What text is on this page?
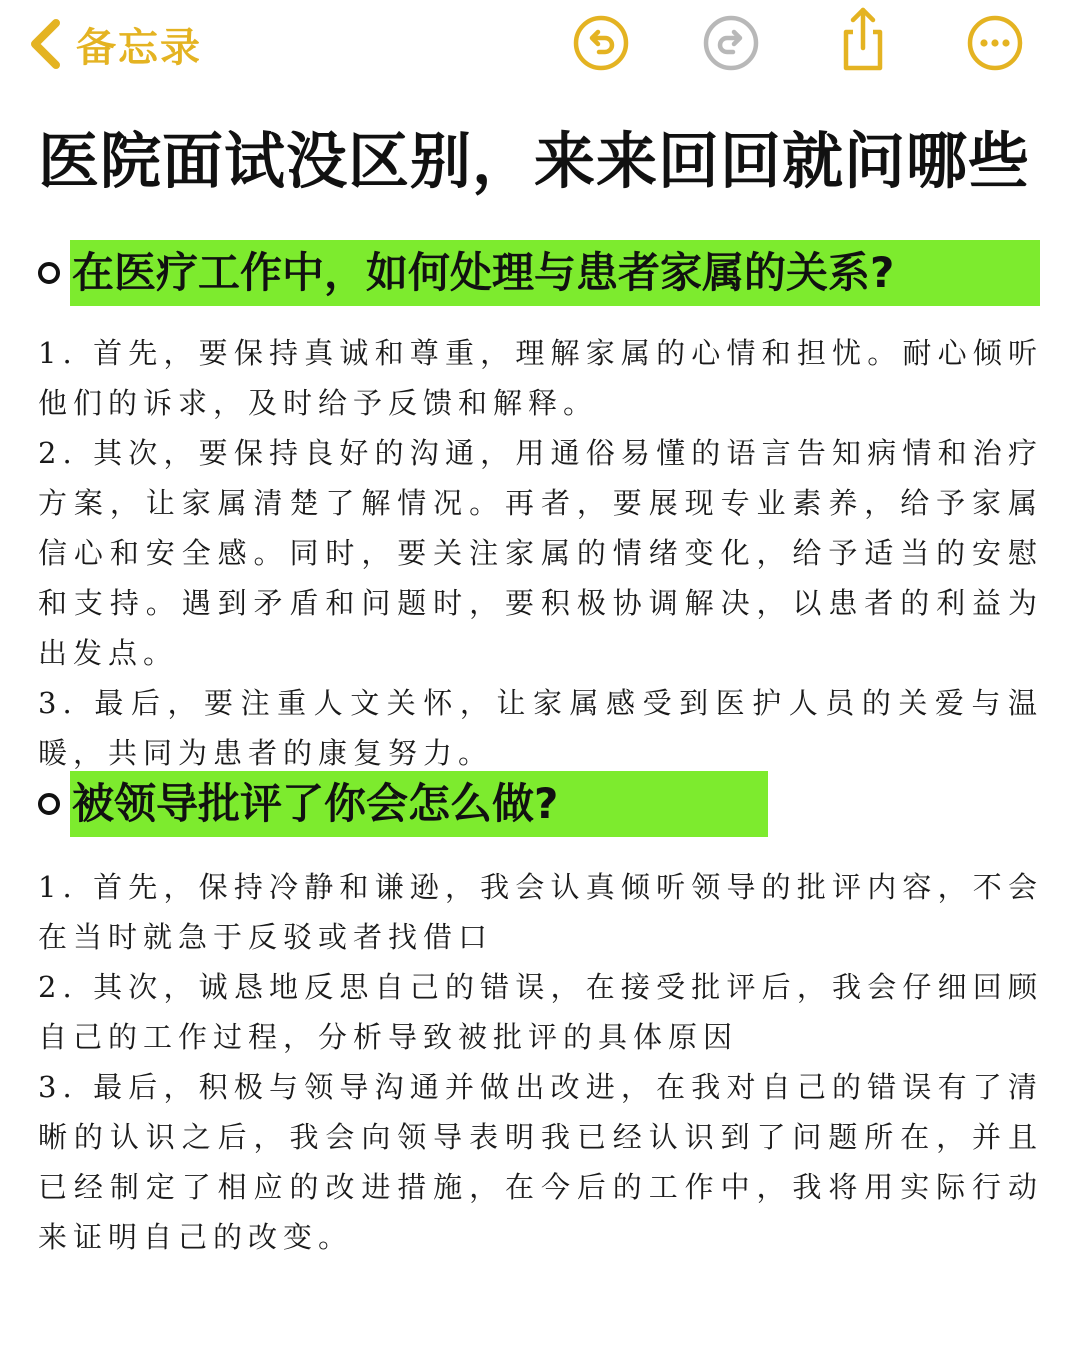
备忘录
医院面试没区别，来来回回就问哪些
在医疗工作中，如何处理与患者家属的关系?

1. 首先，要保持真诚和尊重，理解家属的心情和担忧。耐心倾听他们的诉求，及时给予反馈和解释。

2. 其次，要保持良好的沟通，用通俗易懂的语言告知病情和治疗方案，让家属清楚了解情况。再者，要展现专业素养，给予家属信心和安全感。同时，要关注家属的情绪变化，给予适当的安慰和支持。遇到矛盾和问题时，要积极协调解决，以患者的利益为出发点。

3. 最后，要注重人文关怀，让家属感受到医护人员的关爱与温暖，共同为患者的康复努力。

被领导批评了你会怎么做?

1. 首先，保持冷静和谦逊，我会认真倾听领导的批评内容，不会在当时就急于反驳或者找借口

2. 其次，诚恳地反思自己的错误，在接受批评后，我会仔细回顾自己的工作过程，分析导致被批评的具体原因

3. 最后，积极与领导沟通并做出改进，在我对自己的错误有了清晰的认识之后，我会向领导表明我已经认识到了问题所在，并且已经制定了相应的改进措施，在今后的工作中，我将用实际行动来证明自己的改变。
